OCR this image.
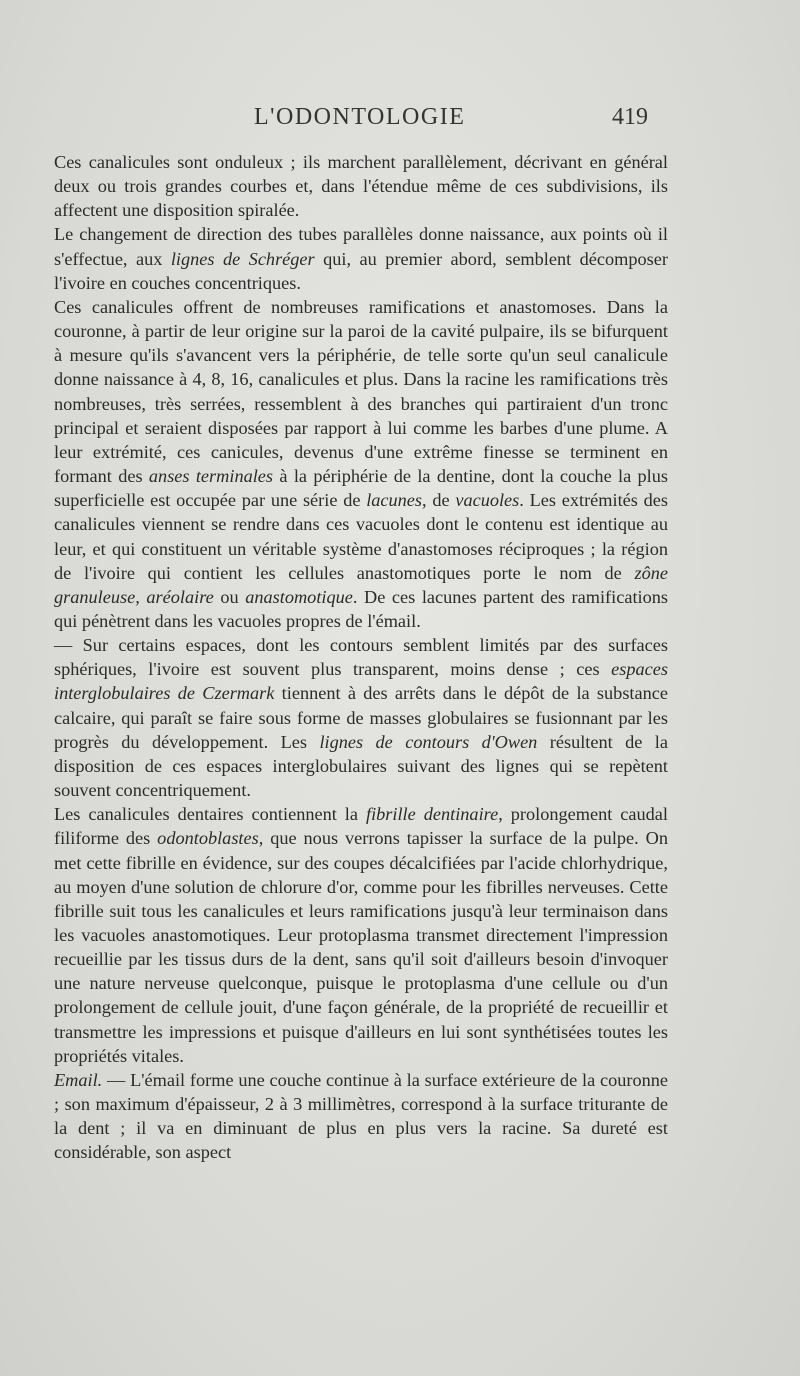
L'ODONTOLOGIE	419

Ces canalicules sont onduleux ; ils marchent parallèlement, décrivant en général deux ou trois grandes courbes et, dans l'étendue même de ces subdivisions, ils affectent une disposition spiralée.

Le changement de direction des tubes parallèles donne naissance, aux points où il s'effectue, aux lignes de Schréger qui, au premier abord, semblent décomposer l'ivoire en couches concentriques.

Ces canalicules offrent de nombreuses ramifications et anastomoses. Dans la couronne, à partir de leur origine sur la paroi de la cavité pulpaire, ils se bifurquent à mesure qu'ils s'avancent vers la périphérie, de telle sorte qu'un seul canalicule donne naissance à 4, 8, 16, canalicules et plus. Dans la racine les ramifications très nombreuses, très serrées, ressemblent à des branches qui partiraient d'un tronc principal et seraient disposées par rapport à lui comme les barbes d'une plume. A leur extrémité, ces canicules, devenus d'une extrême finesse se terminent en formant des anses terminales à la périphérie de la dentine, dont la couche la plus superficielle est occupée par une série de lacunes, de vacuoles. Les extrémités des canalicules viennent se rendre dans ces vacuoles dont le contenu est identique au leur, et qui constituent un véritable système d'anastomoses réciproques ; la région de l'ivoire qui contient les cellules anastomotiques porte le nom de zône granuleuse, aréolaire ou anastomotique. De ces lacunes partent des ramifications qui pénètrent dans les vacuoles propres de l'émail.

— Sur certains espaces, dont les contours semblent limités par des surfaces sphériques, l'ivoire est souvent plus transparent, moins dense ; ces espaces interglobulaires de Czermark tiennent à des arrêts dans le dépôt de la substance calcaire, qui paraît se faire sous forme de masses globulaires se fusionnant par les progrès du développement. Les lignes de contours d'Owen résultent de la disposition de ces espaces interglobulaires suivant des lignes qui se repètent souvent concentriquement.

Les canalicules dentaires contiennent la fibrille dentinaire, prolongement caudal filiforme des odontoblastes, que nous verrons tapisser la surface de la pulpe. On met cette fibrille en évidence, sur des coupes décalcifiées par l'acide chlorhydrique, au moyen d'une solution de chlorure d'or, comme pour les fibrilles nerveuses. Cette fibrille suit tous les canalicules et leurs ramifications jusqu'à leur terminaison dans les vacuoles anastomotiques. Leur protoplasma transmet directement l'impression recueillie par les tissus durs de la dent, sans qu'il soit d'ailleurs besoin d'invoquer une nature nerveuse quelconque, puisque le protoplasma d'une cellule ou d'un prolongement de cellule jouit, d'une façon générale, de la propriété de recueillir et transmettre les impressions et puisque d'ailleurs en lui sont synthétisées toutes les propriétés vitales.

Email. — L'émail forme une couche continue à la surface extérieure de la couronne ; son maximum d'épaisseur, 2 à 3 millimètres, correspond à la surface triturante de la dent ; il va en diminuant de plus en plus vers la racine. Sa dureté est considérable, son aspect
